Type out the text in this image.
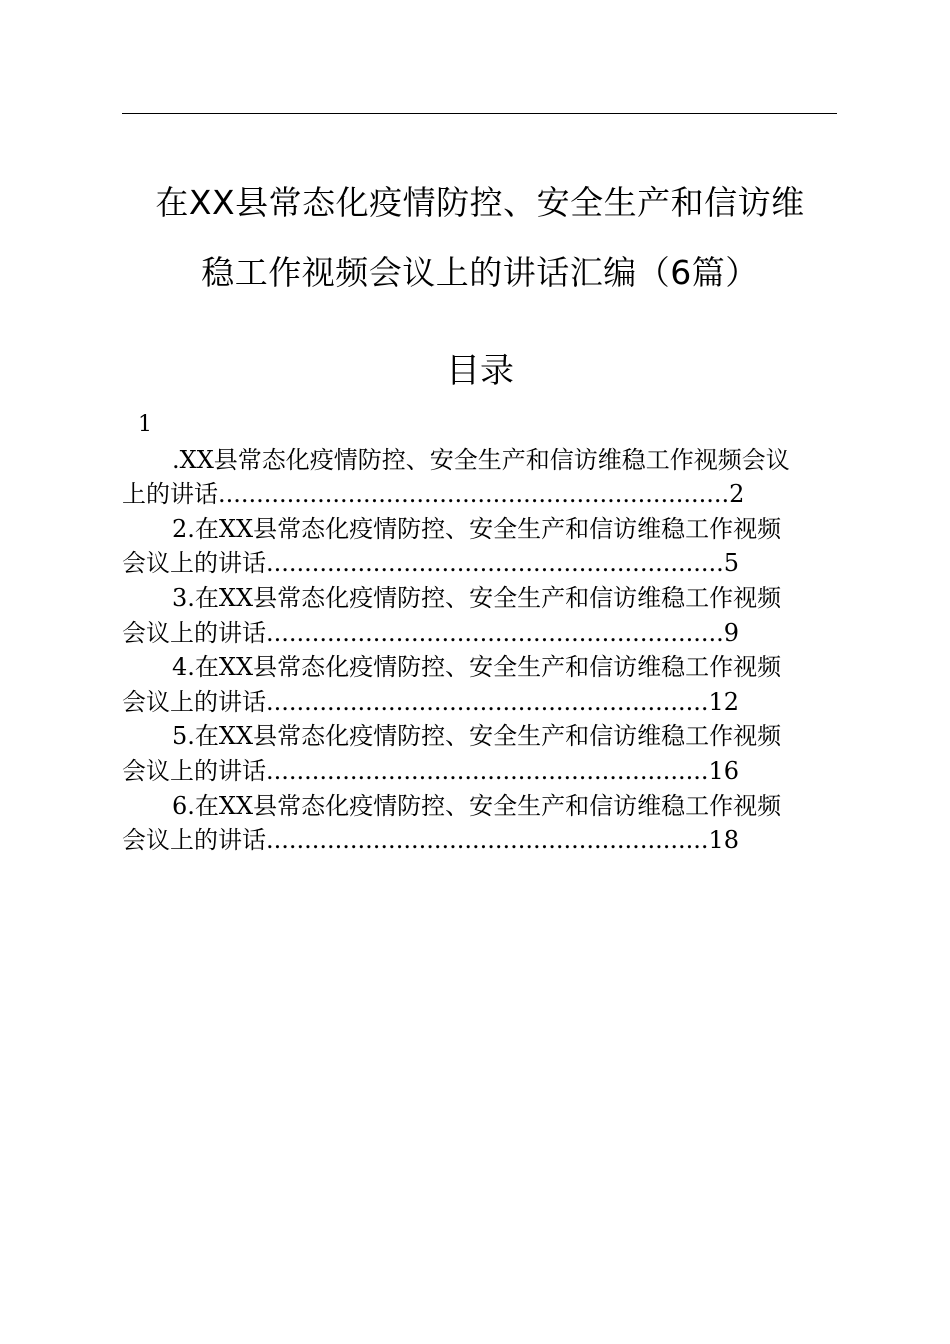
在XX县常态化疫情防控、安全生产和信访维
稳工作视频会议上的讲话汇编（6篇）
目录
1
.XX县常态化疫情防控、安全生产和信访维稳工作视频会议
上的讲话...................................................................2
2.在XX县常态化疫情防控、安全生产和信访维稳工作视频
会议上的讲话............................................................5
3.在XX县常态化疫情防控、安全生产和信访维稳工作视频
会议上的讲话............................................................9
4.在XX县常态化疫情防控、安全生产和信访维稳工作视频
会议上的讲话..........................................................12
5.在XX县常态化疫情防控、安全生产和信访维稳工作视频
会议上的讲话..........................................................16
6.在XX县常态化疫情防控、安全生产和信访维稳工作视频
会议上的讲话..........................................................18
